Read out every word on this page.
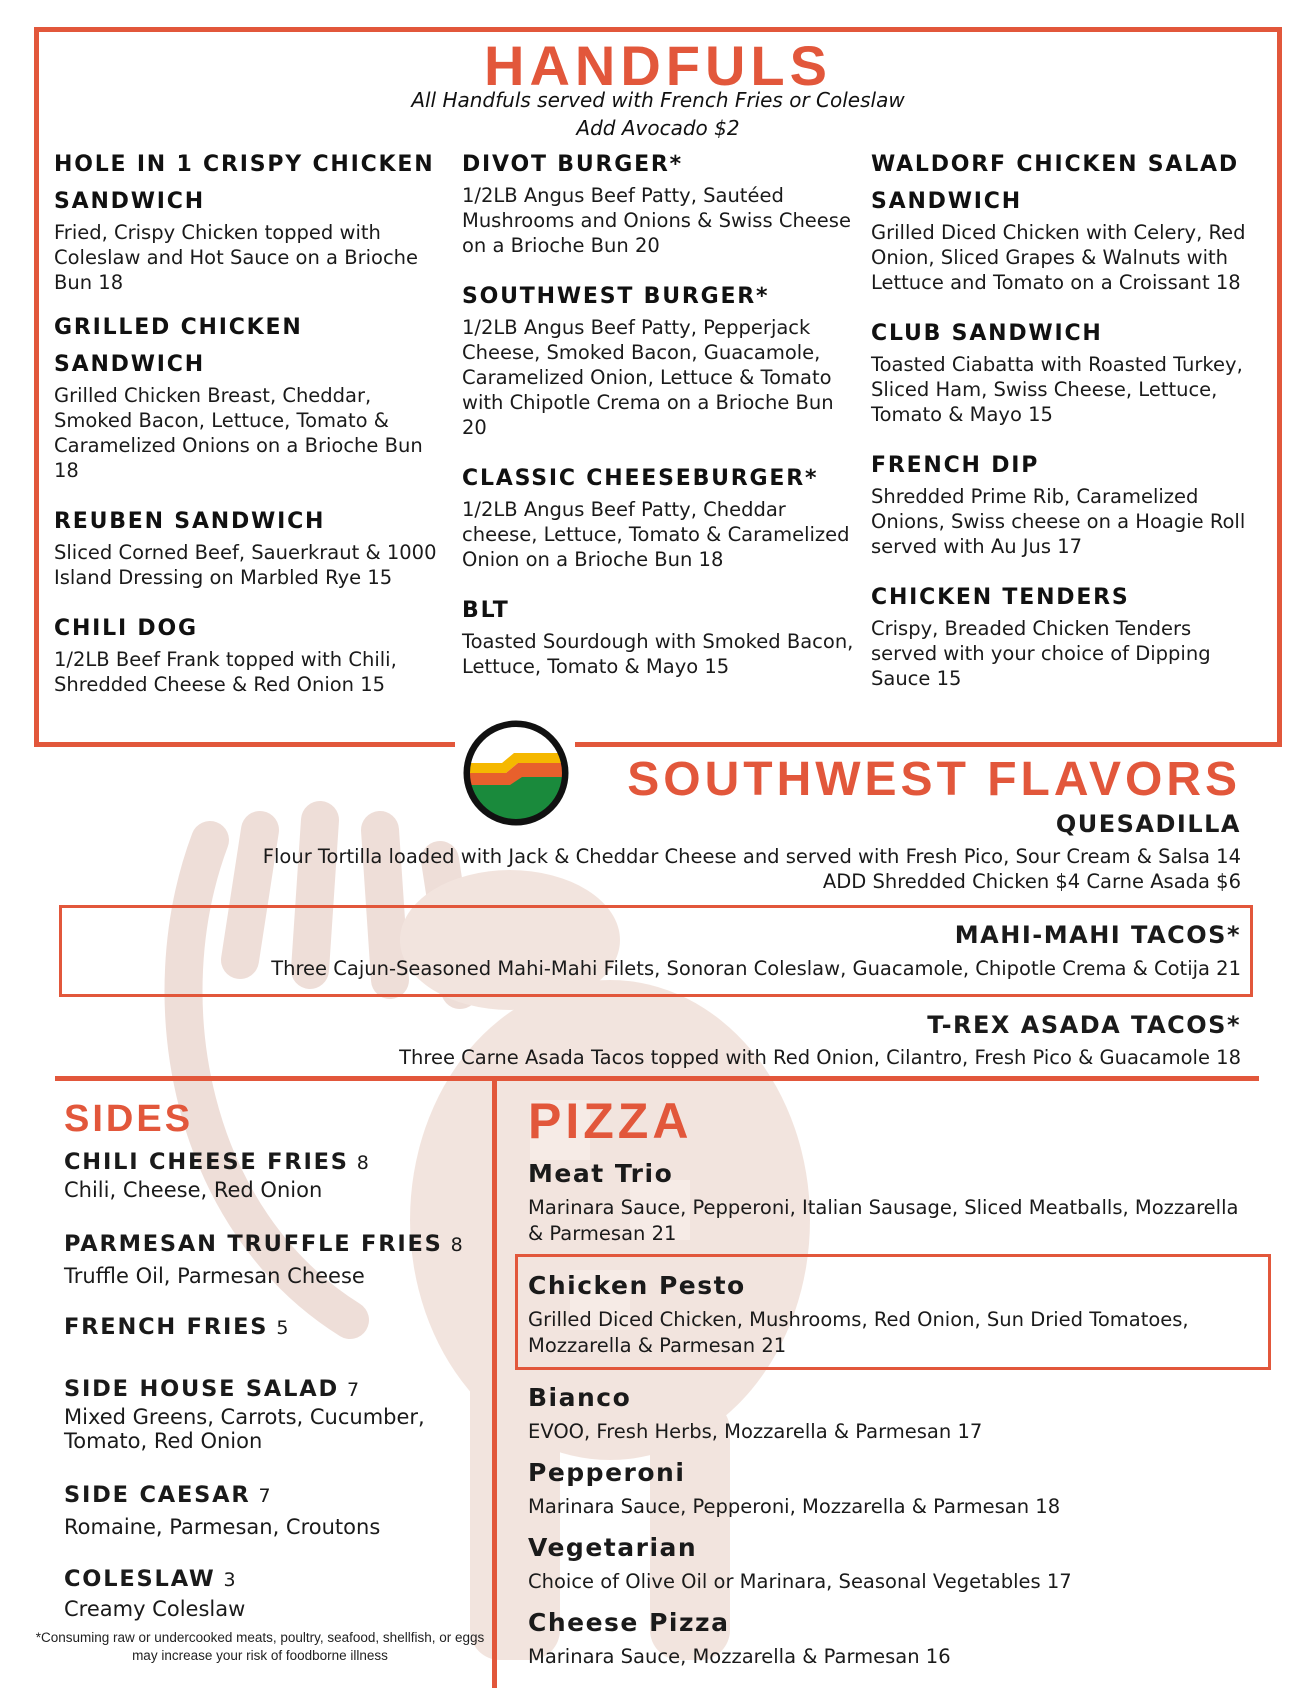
HANDFULS
All Handfuls served with French Fries or Coleslaw
Add Avocado $2
HOLE IN 1 CRISPY CHICKEN SANDWICH
Fried, Crispy Chicken topped with Coleslaw and Hot Sauce on a Brioche Bun 18
GRILLED CHICKEN SANDWICH
Grilled Chicken Breast, Cheddar, Smoked Bacon, Lettuce, Tomato & Caramelized Onions on a Brioche Bun 18
REUBEN SANDWICH
Sliced Corned Beef, Sauerkraut & 1000 Island Dressing on Marbled Rye 15
CHILI DOG
1/2LB Beef Frank topped with Chili, Shredded Cheese & Red Onion 15
DIVOT BURGER*
1/2LB Angus Beef Patty, Sautéed Mushrooms and Onions & Swiss Cheese on a Brioche Bun 20
SOUTHWEST BURGER*
1/2LB Angus Beef Patty, Pepperjack Cheese, Smoked Bacon, Guacamole, Caramelized Onion, Lettuce & Tomato with Chipotle Crema on a Brioche Bun 20
CLASSIC CHEESEBURGER*
1/2LB Angus Beef Patty, Cheddar cheese, Lettuce, Tomato & Caramelized Onion on a Brioche Bun 18
BLT
Toasted Sourdough with Smoked Bacon, Lettuce, Tomato & Mayo 15
WALDORF CHICKEN SALAD SANDWICH
Grilled Diced Chicken with Celery, Red Onion, Sliced Grapes & Walnuts with Lettuce and Tomato on a Croissant 18
CLUB SANDWICH
Toasted Ciabatta with Roasted Turkey, Sliced Ham, Swiss Cheese, Lettuce, Tomato & Mayo 15
FRENCH DIP
Shredded Prime Rib, Caramelized Onions, Swiss cheese on a Hoagie Roll served with Au Jus 17
CHICKEN TENDERS
Crispy, Breaded Chicken Tenders served with your choice of Dipping Sauce 15
SOUTHWEST FLAVORS
QUESADILLA
Flour Tortilla loaded with Jack & Cheddar Cheese and served with Fresh Pico, Sour Cream & Salsa 14
ADD Shredded Chicken $4 Carne Asada $6
MAHI-MAHI TACOS*
Three Cajun-Seasoned Mahi-Mahi Filets, Sonoran Coleslaw, Guacamole, Chipotle Crema & Cotija 21
T-REX ASADA TACOS*
Three Carne Asada Tacos topped with Red Onion, Cilantro, Fresh Pico & Guacamole 18
SIDES
CHILI CHEESE FRIES 8
Chili, Cheese, Red Onion
PARMESAN TRUFFLE FRIES 8
Truffle Oil, Parmesan Cheese
FRENCH FRIES 5
SIDE HOUSE SALAD 7
Mixed Greens, Carrots, Cucumber, Tomato, Red Onion
SIDE CAESAR 7
Romaine, Parmesan, Croutons
COLESLAW 3
Creamy Coleslaw
*Consuming raw or undercooked meats, poultry, seafood, shellfish, or eggs may increase your risk of foodborne illness
PIZZA
Meat Trio
Marinara Sauce, Pepperoni, Italian Sausage, Sliced Meatballs, Mozzarella & Parmesan 21
Chicken Pesto
Grilled Diced Chicken, Mushrooms, Red Onion, Sun Dried Tomatoes, Mozzarella & Parmesan 21
Bianco
EVOO, Fresh Herbs, Mozzarella & Parmesan 17
Pepperoni
Marinara Sauce, Pepperoni, Mozzarella & Parmesan 18
Vegetarian
Choice of Olive Oil or Marinara, Seasonal Vegetables 17
Cheese Pizza
Marinara Sauce, Mozzarella & Parmesan 16
